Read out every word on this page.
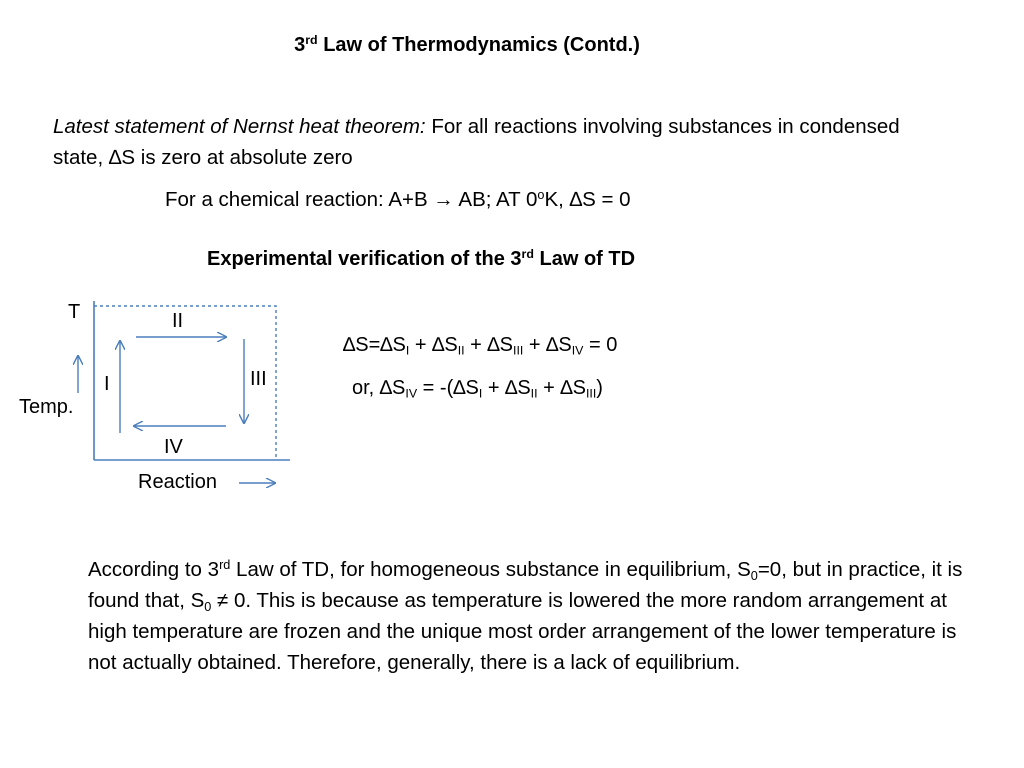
3rd Law of Thermodynamics (Contd.)
Latest statement of Nernst heat theorem: For all reactions involving substances in condensed state, ∆S is zero at absolute zero
For a chemical reaction: A+B → AB; AT 0$^o$K, ∆S = 0
Experimental verification of the 3rd Law of TD
T
Temp.
Reaction
I
II
III
IV
$\Delta S=\Delta S_I + \Delta S_{II} + \Delta S_{III} + \Delta S_{IV} = 0$
or, $\Delta S_{IV} = -(\Delta S_I + \Delta S_{II} + \Delta S_{III})$
According to 3rd Law of TD, for homogeneous substance in equilibrium, $S_0=0$, but in practice, it is found that, $S_0 \ne 0$. This is because as temperature is lowered the more random arrangement at high temperature are frozen and the unique most order arrangement of the lower temperature is not actually obtained. Therefore, generally, there is a lack of equilibrium.
